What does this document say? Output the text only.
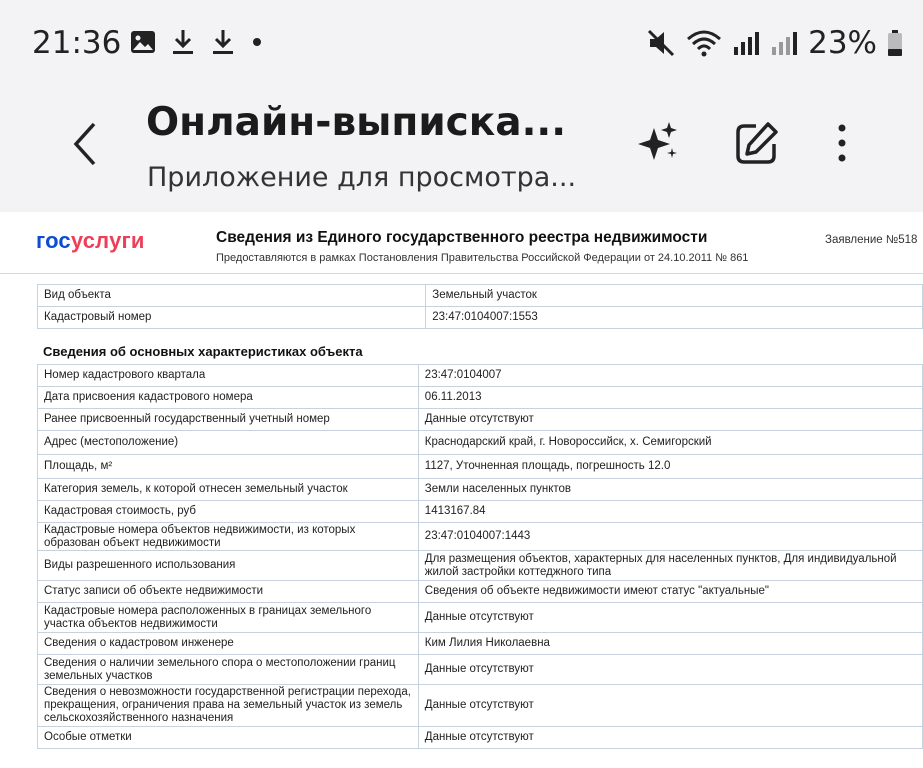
21:36	23%
Онлайн-выписка...
Приложение для просмотра...
госуслуги	Сведения из Единого государственного реестра недвижимости
Предоставляются в рамках Постановления Правительства Российской Федерации от 24.10.2011 № 861
Заявление №518
Вид объекта	Земельный участок
Кадастровый номер	23:47:0104007:1553
Сведения об основных характеристиках объекта
Номер кадастрового квартала	23:47:0104007
Дата присвоения кадастрового номера	06.11.2013
Ранее присвоенный государственный учетный номер	Данные отсутствуют
Адрес (местоположение)	Краснодарский край, г. Новороссийск, х. Семигорский
Площадь, м²	1127, Уточненная площадь, погрешность 12.0
Категория земель, к которой отнесен земельный участок	Земли населенных пунктов
Кадастровая стоимость, руб	1413167.84
Кадастровые номера объектов недвижимости, из которых образован объект недвижимости	23:47:0104007:1443
Виды разрешенного использования	Для размещения объектов, характерных для населенных пунктов, Для индивидуальной жилой застройки коттеджного типа
Статус записи об объекте недвижимости	Сведения об объекте недвижимости имеют статус "актуальные"
Кадастровые номера расположенных в границах земельного участка объектов недвижимости	Данные отсутствуют
Сведения о кадастровом инженере	Ким Лилия Николаевна
Сведения о наличии земельного спора о местоположении границ земельных участков	Данные отсутствуют
Сведения о невозможности государственной регистрации перехода, прекращения, ограничения права на земельный участок из земель сельскохозяйственного назначения	Данные отсутствуют
Особые отметки	Данные отсутствуют
